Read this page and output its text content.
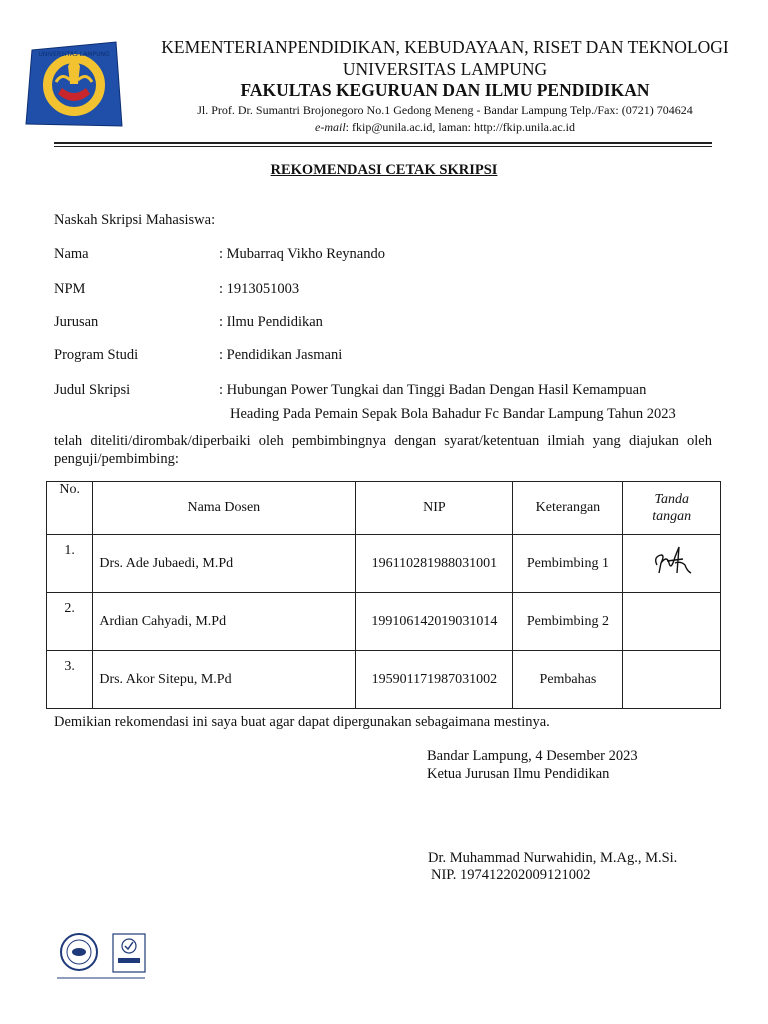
UNIVERSITAS LAMPUNG	KEMENTERIANPENDIDIKAN, KEBUDAYAAN, RISET DAN TEKNOLOGI
UNIVERSITAS LAMPUNG
FAKULTAS KEGURUAN DAN ILMU PENDIDIKAN
Jl. Prof. Dr. Sumantri Brojonegoro No.1 Gedong Meneng - Bandar Lampung Telp./Fax: (0721) 704624
e-mail: fkip@unila.ac.id, laman: http://fkip.unila.ac.id
REKOMENDASI CETAK SKRIPSI
Naskah Skripsi Mahasiswa:
Nama	: Mubarraq Vikho Reynando
NPM	: 1913051003
Jurusan	: Ilmu Pendidikan
Program Studi	: Pendidikan Jasmani
Judul Skripsi	: Hubungan Power Tungkai dan Tinggi Badan Dengan Hasil Kemampuan
Heading Pada Pemain Sepak Bola Bahadur Fc Bandar Lampung Tahun 2023
telah diteliti/dirombak/diperbaiki oleh pembimbingnya dengan syarat/ketentuan ilmiah yang diajukan oleh penguji/pembimbing:
No.	Nama Dosen	NIP	Keterangan	Tanda
tangan

1.	Drs. Ade Jubaedi, M.Pd	196110281988031001	Pembimbing 1	
2.	Ardian Cahyadi, M.Pd	199106142019031014	Pembimbing 2	
3.	Drs. Akor Sitepu, M.Pd	195901171987031002	Pembahas	
Demikian rekomendasi ini saya buat agar dapat dipergunakan sebagaimana mestinya.
Bandar Lampung, 4 Desember 2023
Ketua Jurusan Ilmu Pendidikan
Dr. Muhammad Nurwahidin, M.Ag., M.Si.
NIP. 197412202009121002
